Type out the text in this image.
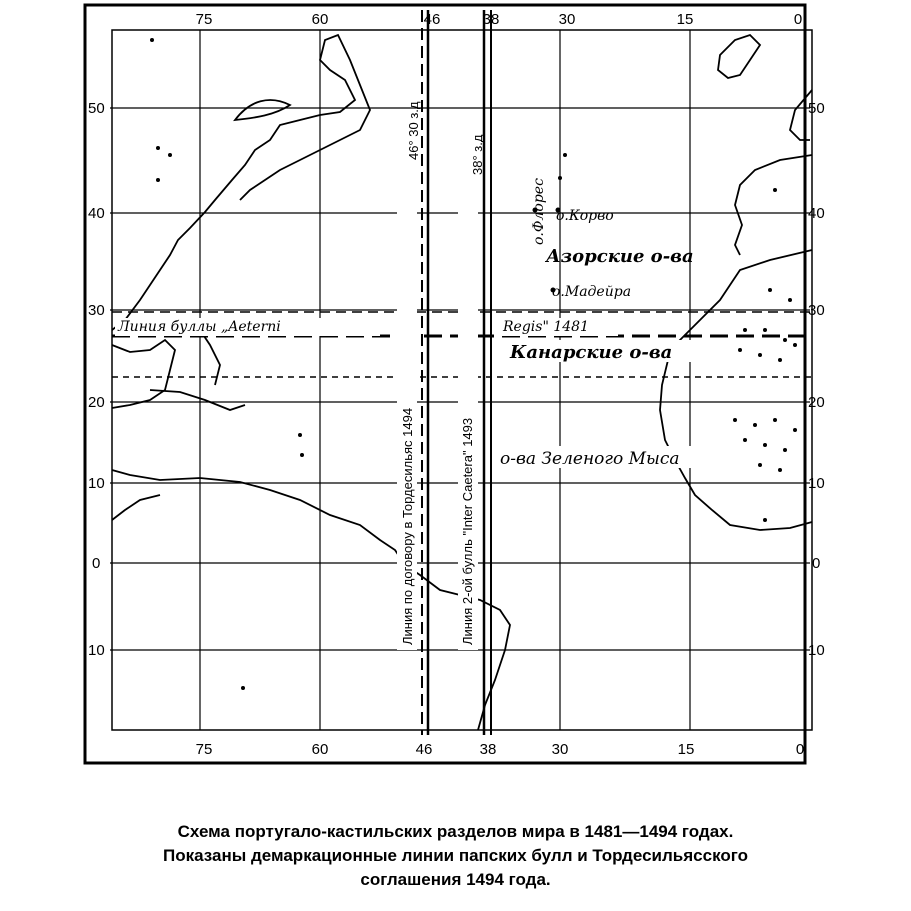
75	60	46	38	30	15	0
75	60	46	38	30	15	0
50
40
30
20
10
0
10
50
40
30
20
10
0
10
Линия буллы „Aeterni	Regis" 1481
о.Корво
Азорские о-ва
о.Мадейра
Канарские о-ва
о-ва Зеленого Мыса
о.Флорес
46° 30 з.д	38° з.д
Линия по договору в Тордесильяс 1494	Линия 2-ой булль "Inter Caetera" 1493
Схема португало-кастильских разделов мира в 1481—1494 годах.
Показаны демаркационные линии папских булл и Тордесильясского
соглашения 1494 года.
